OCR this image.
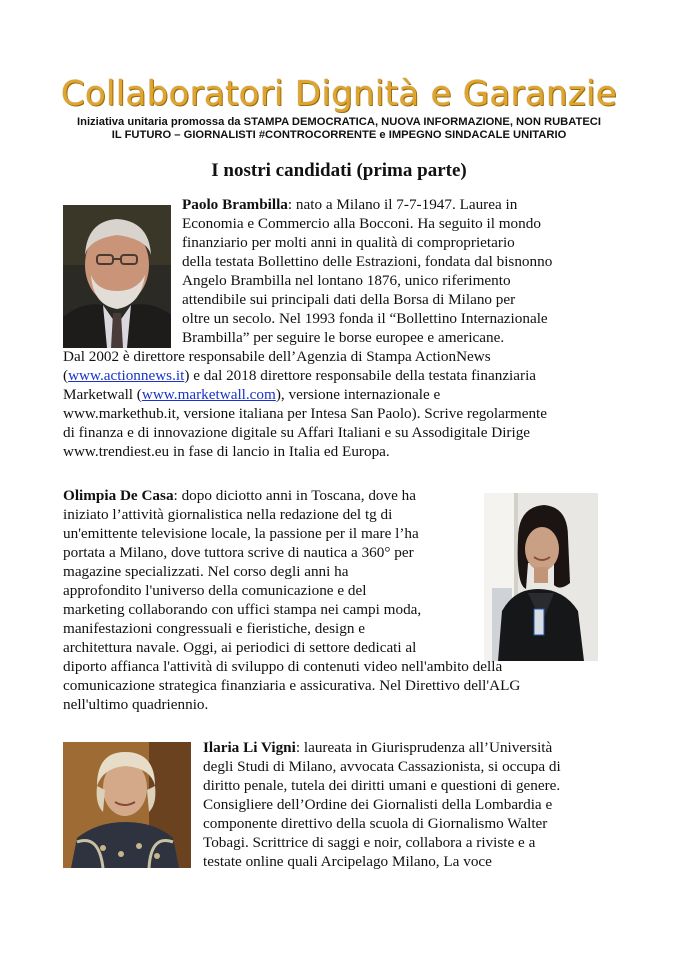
Collaboratori Dignità e Garanzie
Iniziativa unitaria promossa da STAMPA DEMOCRATICA, NUOVA INFORMAZIONE, NON RUBATECI
IL FUTURO – GIORNALISTI #CONTROCORRENTE e IMPEGNO SINDACALE UNITARIO
I nostri candidati (prima parte)
Paolo Brambilla: nato a Milano il 7-7-1947. Laurea in
Economia e Commercio alla Bocconi. Ha seguito il mondo
finanziario per molti anni in qualità di comproprietario
della testata Bollettino delle Estrazioni, fondata dal bisnonno
Angelo Brambilla nel lontano 1876, unico riferimento
attendibile sui principali dati della Borsa di Milano per
oltre un secolo. Nel 1993 fonda il “Bollettino Internazionale
Brambilla” per seguire le borse europee e americane.
Dal 2002 è direttore responsabile dell’Agenzia di Stampa ActionNews
(www.actionnews.it) e dal 2018 direttore responsabile della testata finanziaria
Marketwall (www.marketwall.com), versione internazionale e
www.markethub.it, versione italiana per Intesa San Paolo). Scrive regolarmente
di finanza e di innovazione digitale su Affari Italiani e su Assodigitale Dirige
www.trendiest.eu in fase di lancio in Italia ed Europa.
Olimpia De Casa: dopo diciotto anni in Toscana, dove ha
iniziato l’attività giornalistica nella redazione del tg di
un'emittente televisione locale, la passione per il mare l’ha
portata a Milano, dove tuttora scrive di nautica a 360° per
magazine specializzati. Nel corso degli anni ha
approfondito l'universo della comunicazione e del
marketing collaborando con uffici stampa nei campi moda,
manifestazioni congressuali e fieristiche, design e
architettura navale. Oggi, ai periodici di settore dedicati al
diporto affianca l'attività di sviluppo di contenuti video nell'ambito della
comunicazione strategica finanziaria e assicurativa. Nel Direttivo dell'ALG
nell'ultimo quadriennio.
Ilaria Li Vigni: laureata in Giurisprudenza all’Università
degli Studi di Milano, avvocata Cassazionista, si occupa di
diritto penale, tutela dei diritti umani e questioni di genere.
Consigliere dell’Ordine dei Giornalisti della Lombardia e
componente direttivo della scuola di Giornalismo Walter
Tobagi. Scrittrice di saggi e noir, collabora a riviste e a
testate online quali Arcipelago Milano, La voce
